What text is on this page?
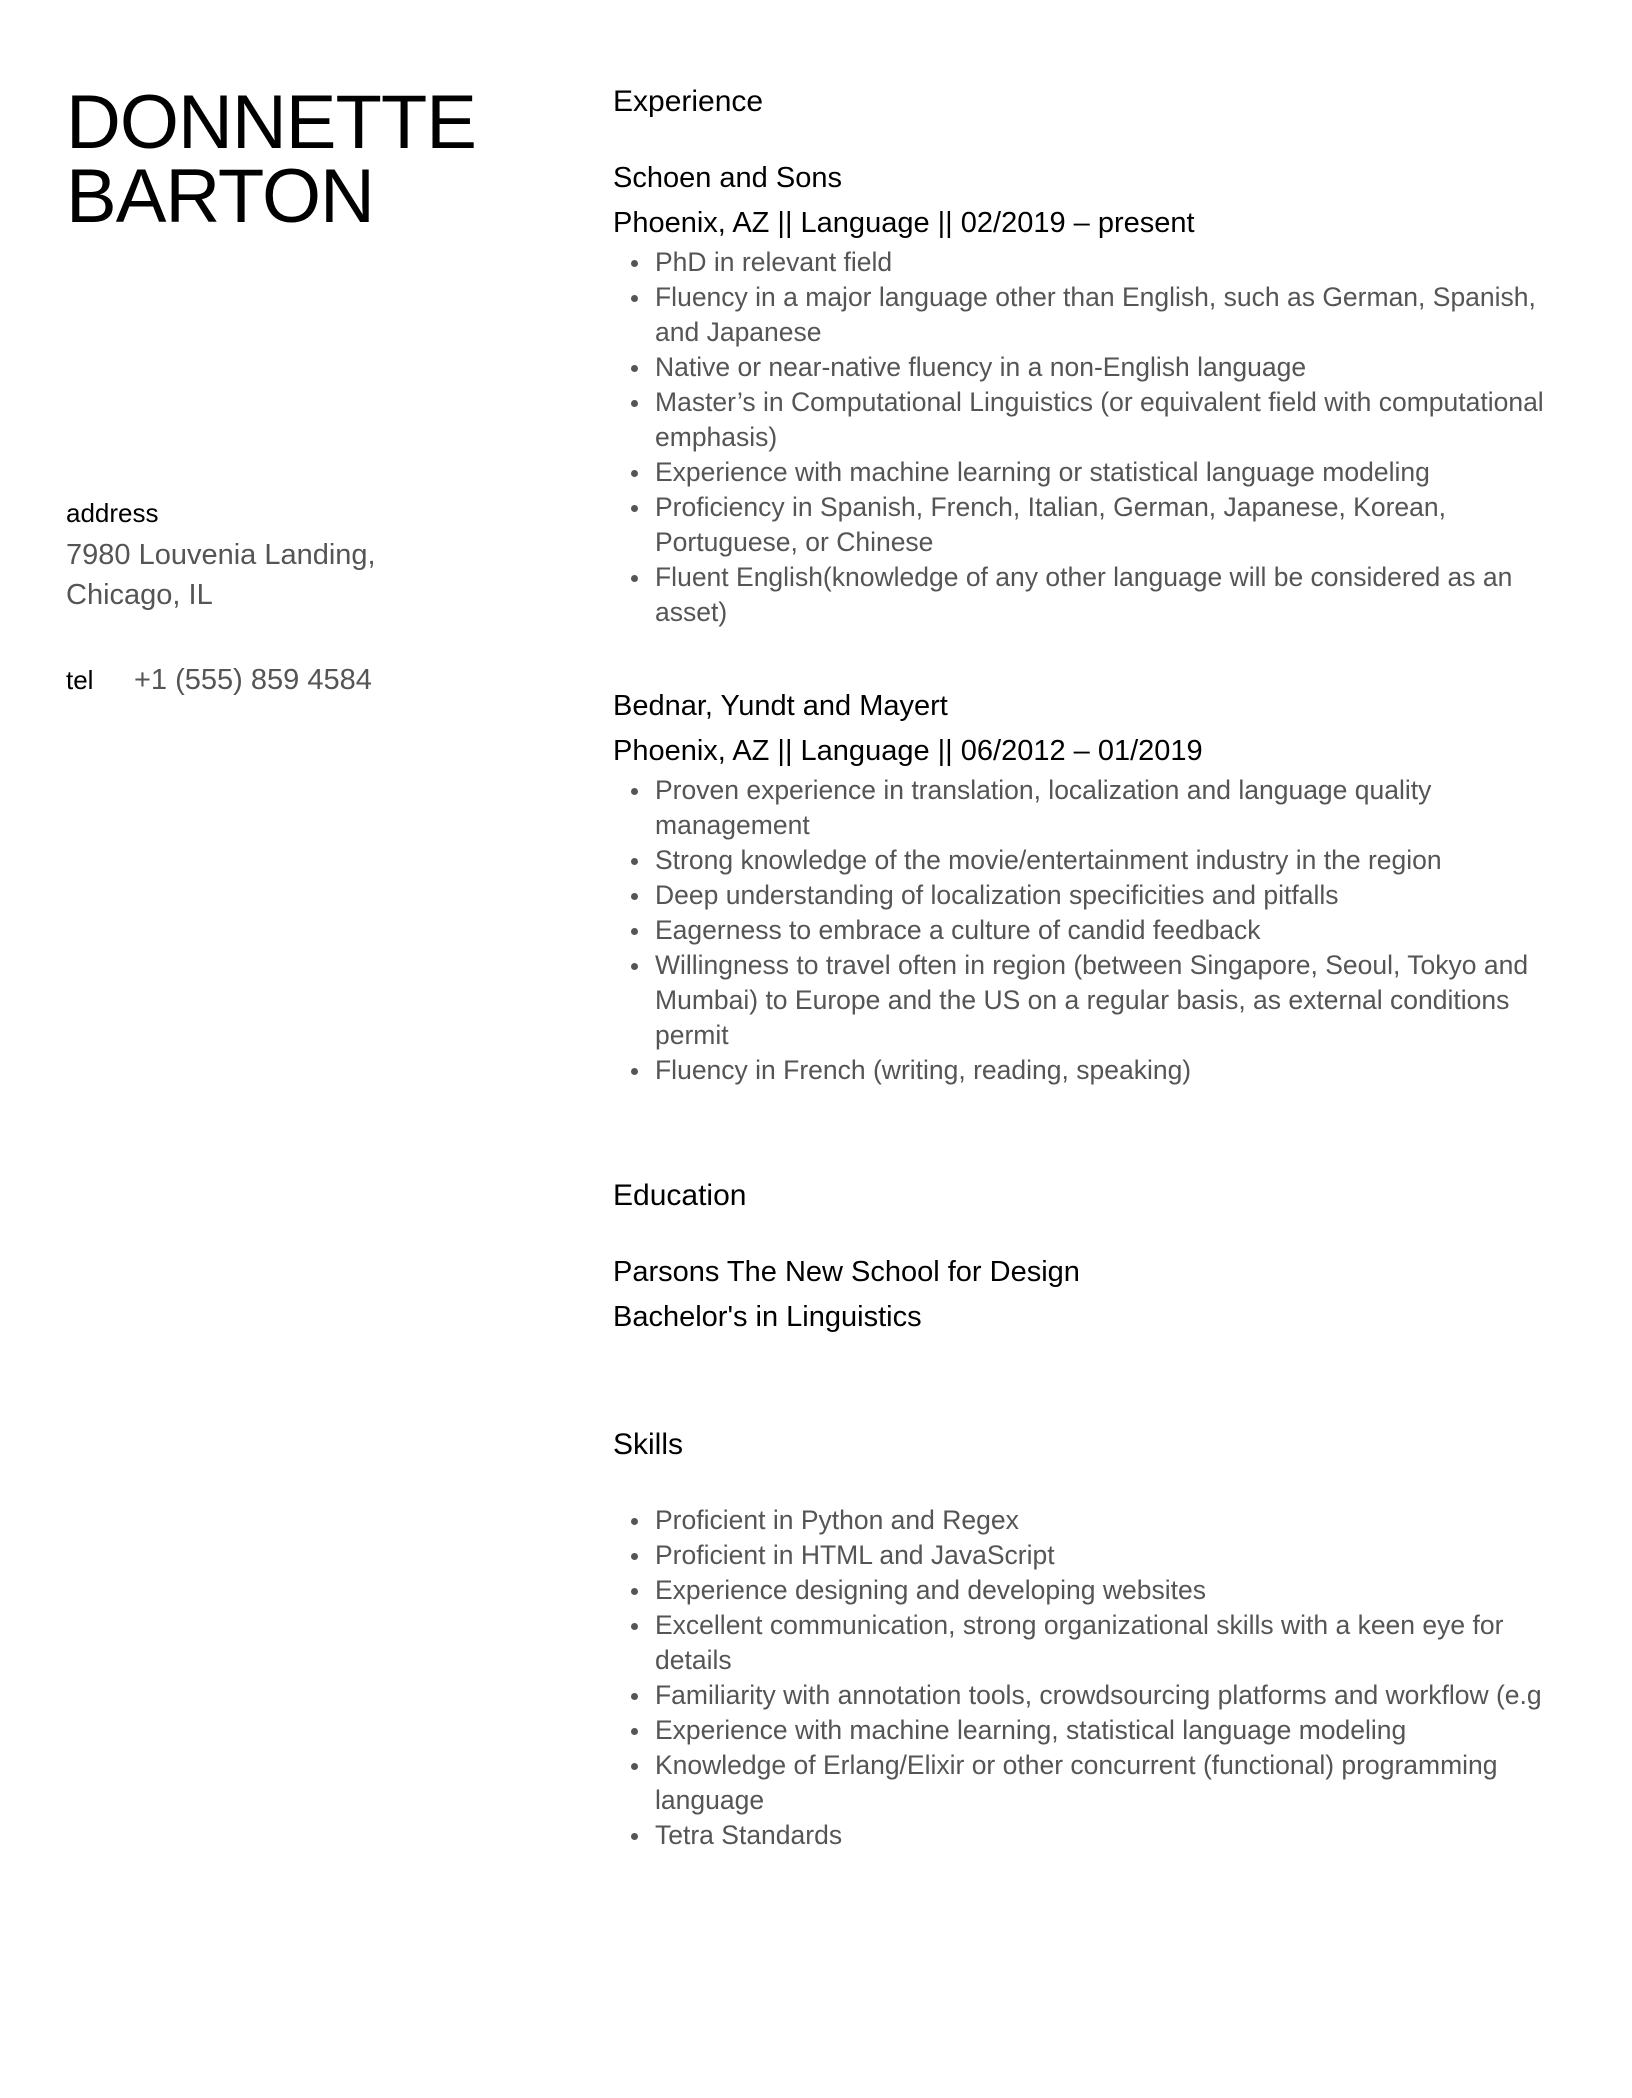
DONNETTE
BARTON
address
7980 Louvenia Landing,
Chicago, IL
tel	+1 (555) 859 4584
Experience
Schoen and Sons
Phoenix, AZ || Language || 02/2019 – present
PhD in relevant field
Fluency in a major language other than English, such as German, Spanish, and Japanese
Native or near-native fluency in a non-English language
Master’s in Computational Linguistics (or equivalent field with computational emphasis)
Experience with machine learning or statistical language modeling
Proficiency in Spanish, French, Italian, German, Japanese, Korean, Portuguese, or Chinese
Fluent English(knowledge of any other language will be considered as an asset)
Bednar, Yundt and Mayert
Phoenix, AZ || Language || 06/2012 – 01/2019
Proven experience in translation, localization and language quality management
Strong knowledge of the movie/entertainment industry in the region
Deep understanding of localization specificities and pitfalls
Eagerness to embrace a culture of candid feedback
Willingness to travel often in region (between Singapore, Seoul, Tokyo and Mumbai) to Europe and the US on a regular basis, as external conditions permit
Fluency in French (writing, reading, speaking)
Education
Parsons The New School for Design
Bachelor's in Linguistics
Skills
Proficient in Python and Regex
Proficient in HTML and JavaScript
Experience designing and developing websites
Excellent communication, strong organizational skills with a keen eye for details
Familiarity with annotation tools, crowdsourcing platforms and workflow (e.g
Experience with machine learning, statistical language modeling
Knowledge of Erlang/Elixir or other concurrent (functional) programming language
Tetra Standards
